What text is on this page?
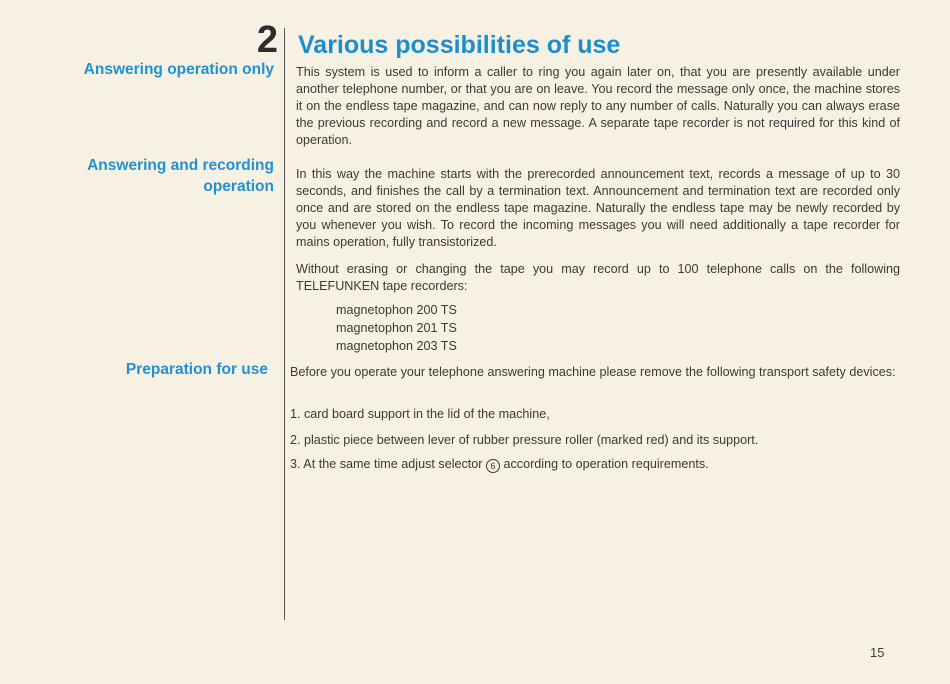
2 Various possibilities of use
Answering operation only
Answering and recording
operation
Preparation for use
This system is used to inform a caller to ring you again later on, that you are presently available under another telephone number, or that you are on leave. You record the message only once, the machine stores it on the endless tape magazine, and can now reply to any number of calls. Naturally you can always erase the previous recording and record a new message. A separate tape recorder is not required for this kind of operation.
In this way the machine starts with the prerecorded announcement text, records a message of up to 30 seconds, and finishes the call by a termination text. Announcement and termination text are recorded only once and are stored on the endless tape magazine. Naturally the endless tape may be newly recorded by you whenever you wish. To record the incoming messages you will need additionally a tape recorder for mains operation, fully transistorized.
Without erasing or changing the tape you may record up to 100 telephone calls on the following TELEFUNKEN tape recorders:
magnetophon 200 TS
magnetophon 201 TS
magnetophon 203 TS
Before you operate your telephone answering machine please remove the following transport safety devices:
1. card board support in the lid of the machine,
2. plastic piece between lever of rubber pressure roller (marked red) and its support.
3. At the same time adjust selector 6 according to operation requirements.
15
